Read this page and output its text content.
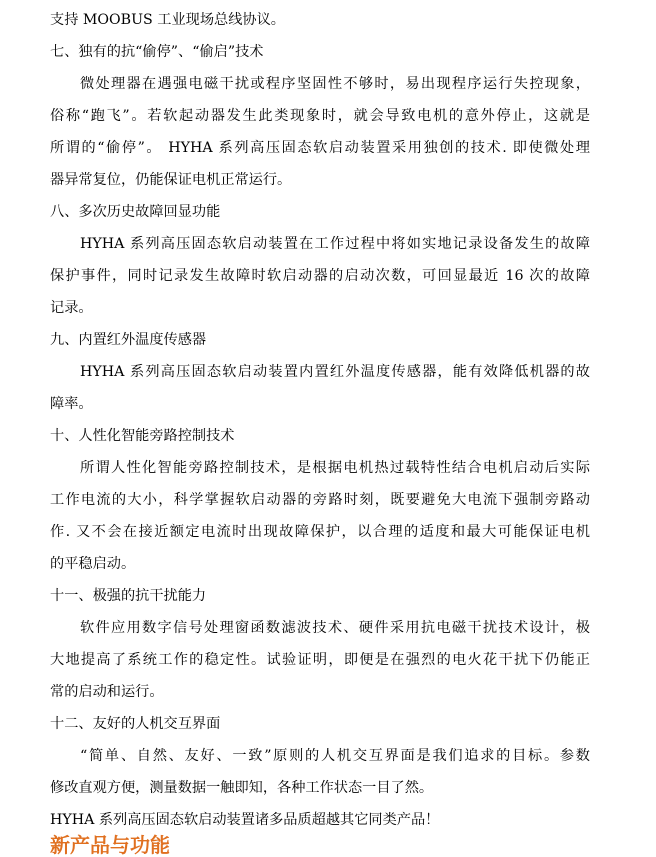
支持 MOOBUS 工业现场总线协议。
七、独有的抗“偷停”、“偷启”技术
微处理器在遇强电磁干扰或程序坚固性不够时，易出现程序运行失控现象，
俗称“跑飞”。若软起动器发生此类现象时，就会导致电机的意外停止，这就是
所谓的“偷停”。 HYHA 系列高压固态软启动装置采用独创的技术. 即使微处理
器异常复位，仍能保证电机正常运行。
八、多次历史故障回显功能
HYHA 系列高压固态软启动装置在工作过程中将如实地记录设备发生的故障
保护事件，同时记录发生故障时软启动器的启动次数，可回显最近 16 次的故障
记录。
九、内置红外温度传感器
HYHA 系列高压固态软启动装置内置红外温度传感器，能有效降低机器的故
障率。
十、人性化智能旁路控制技术
所谓人性化智能旁路控制技术，是根据电机热过载特性结合电机启动后实际
工作电流的大小，科学掌握软启动器的旁路时刻，既要避免大电流下强制旁路动
作. 又不会在接近额定电流时出现故障保护，以合理的适度和最大可能保证电机
的平稳启动。
十一、极强的抗干扰能力
软件应用数字信号处理窗函数滤波技术、硬件采用抗电磁干扰技术设计，极
大地提高了系统工作的稳定性。试验证明，即便是在强烈的电火花干扰下仍能正
常的启动和运行。
十二、友好的人机交互界面
“简单、自然、友好、一致”原则的人机交互界面是我们追求的目标。参数
修改直观方便，测量数据一触即知，各种工作状态一目了然。
HYHA 系列高压固态软启动装置诸多品质超越其它同类产品！
新产品与功能
